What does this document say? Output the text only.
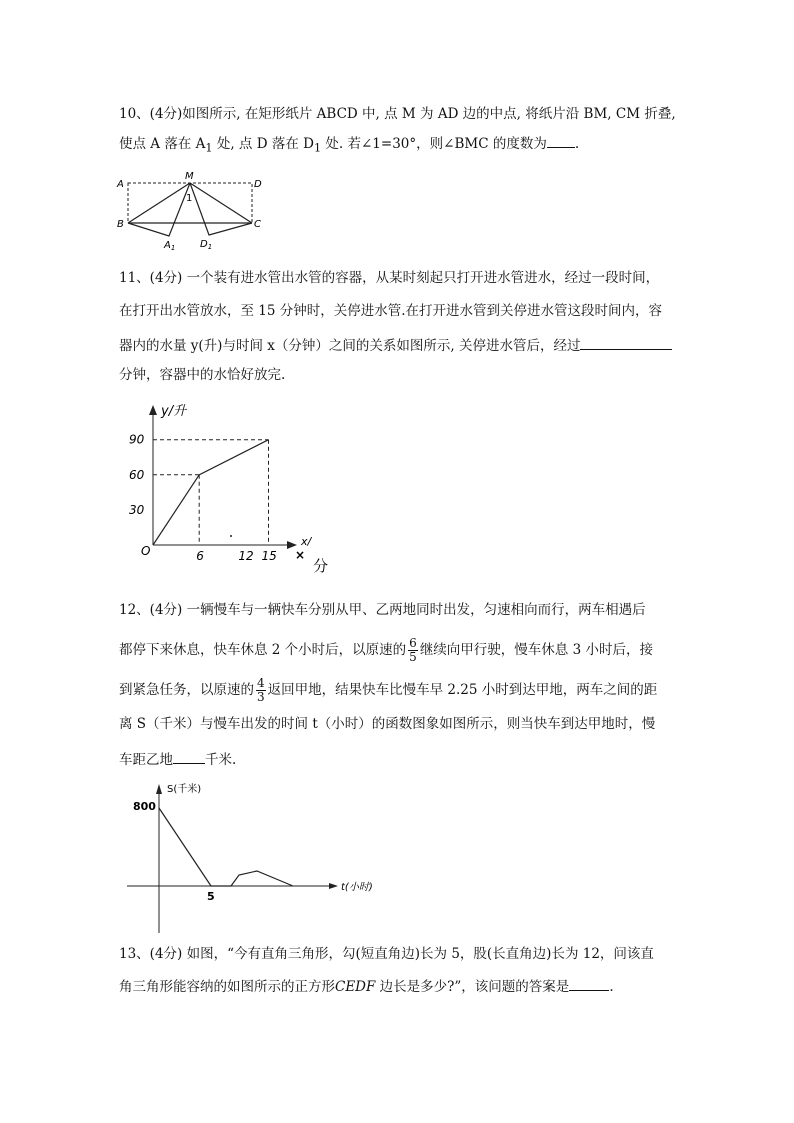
10、(4分)如图所示, 在矩形纸片 ABCD 中, 点 M 为 AD 边的中点, 将纸片沿 BM, CM 折叠,
使点 A 落在 $A_1$ 处, 点 D 落在 $D_1$ 处. 若∠1=30°，则∠BMC 的度数为 .
A
M
D
B	C
1
$A_1$ $D_1$
11、(4分) 一个装有进水管出水管的容器，从某时刻起只打开进水管进水，经过一段时间，
在打开出水管放水，至 15 分钟时，关停进水管.在打开进水管到关停进水管这段时间内，容
器内的水量 y(升)与时间 x（分钟）之间的关系如图所示, 关停进水管后，经过
分钟，容器中的水恰好放完.
90
60
30
6	12 15
y/升
x/
×
分
O
12、(4分) 一辆慢车与一辆快车分别从甲、乙两地同时出发，匀速相向而行，两车相遇后
都停下来休息，快车休息 2 个小时后，以原速的 $\frac{6}{5}$ 继续向甲行驶，慢车休息 3 小时后，接
到紧急任务，以原速的 $\frac{4}{3}$ 返回甲地，结果快车比慢车早 2.25 小时到达甲地，两车之间的距
离 S（千米）与慢车出发的时间 t（小时）的函数图象如图所示，则当快车到达甲地时，慢
车距乙地 千米.
S(千米)
t(小时)
800
5
13、(4分) 如图，“今有直角三角形，勾(短直角边)长为 5，股(长直角边)长为 12，问该直
角三角形能容纳的如图所示的正方形CEDF 边长是多少?”，该问题的答案是	.
